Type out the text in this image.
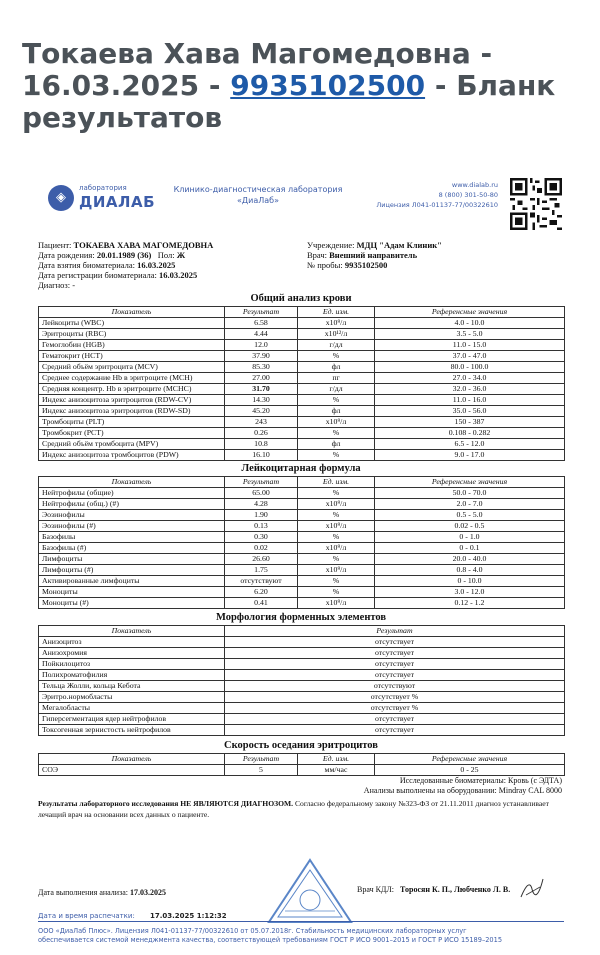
Токаева Хава Магомедовна - 16.03.2025 - 9935102500 - Бланк результатов
◈
лаборатория
ДИАЛАБ
Клинико-диагностическая лаборатория
«ДиаЛаб»
www.dialab.ru
8 (800) 301-50-80
Лицензия Л041-01137-77/00322610
Пациент: ТОКАЕВА ХАВА МАГОМЕДОВНА
Дата рождения: 20.01.1989 (36) Пол: Ж
Дата взятия биоматериала: 16.03.2025
Дата регистрации биоматериала: 16.03.2025
Диагноз: -
Учреждение: МДЦ "Адам Клиник"
Врач: Внешний направитель
№ пробы: 9935102500
Общий анализ крови
Показатель	Результат	Ед. изм.	Референсные значения
Лейкоциты (WBC)	6.58	x10⁹/л	4.0 - 10.0
Эритроциты (RBC)	4.44	x10¹²/л	3.5 - 5.0
Гемоглобин (HGB)	12.0	г/дл	11.0 - 15.0
Гематокрит (HCT)	37.90	%	37.0 - 47.0
Средний объём эритроцита (MCV)	85.30	фл	80.0 - 100.0
Среднее содержание Hb в эритроците (MCH)	27.00	пг	27.0 - 34.0
Средняя концентр. Hb в эритроците (MCHC)	31.70	г/дл	32.0 - 36.0
Индекс анизоцитоза эритроцитов (RDW-CV)	14.30	%	11.0 - 16.0
Индекс анизоцитоза эритроцитов (RDW-SD)	45.20	фл	35.0 - 56.0
Тромбоциты (PLT)	243	x10⁹/л	150 - 387
Тромбокрит (PCT)	0.26	%	0.108 - 0.282
Средний объём тромбоцита (MPV)	10.8	фл	6.5 - 12.0
Индекс анизоцитоза тромбоцитов (PDW)	16.10	%	9.0 - 17.0
Лейкоцитарная формула
Показатель	Результат	Ед. изм.	Референсные значения
Нейтрофилы (общие)	65.00	%	50.0 - 70.0
Нейтрофилы (общ.) (#)	4.28	x10⁹/л	2.0 - 7.0
Эозинофилы	1.90	%	0.5 - 5.0
Эозинофилы (#)	0.13	x10⁹/л	0.02 - 0.5
Базофилы	0.30	%	0 - 1.0
Базофилы (#)	0.02	x10⁹/л	0 - 0.1
Лимфоциты	26.60	%	20.0 - 40.0
Лимфоциты (#)	1.75	x10⁹/л	0.8 - 4.0
Активированные лимфоциты	отсутствуют	%	0 - 10.0
Моноциты	6.20	%	3.0 - 12.0
Моноциты (#)	0.41	x10⁹/л	0.12 - 1.2
Морфология форменных элементов
Показатель	Результат
Анизоцитоз	отсутствует
Анизохромия	отсутствует
Пойкилоцитоз	отсутствует
Полихроматофилия	отсутствует
Тельца Жолли, кольца Кебота	отсутствуют
Эритро.нормобласты	отсутствует %
Мегалобласты	отсутствует %
Гиперсегментация ядер нейтрофилов	отсутствует
Токсогенная зернистость нейтрофилов	отсутствует
Скорость оседания эритроцитов
Показатель	Результат	Ед. изм.	Референсные значения
СОЭ	5	мм/час	0 - 25
Исследованные биоматериалы: Кровь (с ЭДТА)
Анализы выполнены на оборудовании: Mindray CAL 8000
Результаты лабораторного исследования НЕ ЯВЛЯЮТСЯ ДИАГНОЗОМ. Согласно федеральному закону №323-ФЗ от 21.11.2011 диагноз устанавливает лечащий врач на основании всех данных о пациенте.
Дата выполнения анализа: 17.03.2025	Врач КДЛ: Торосян К. П., Любченко Л. В.
Дата и время распечатки: 17.03.2025 1:12:32
ООО «ДиаЛаб Плюс». Лицензия Л041-01137-77/00322610 от 05.07.2018г. Стабильность медицинских лабораторных услуг
обеспечивается системой менеджмента качества, соответствующей требованиям ГОСТ Р ИСО 9001–2015 и ГОСТ Р ИСО 15189–2015
